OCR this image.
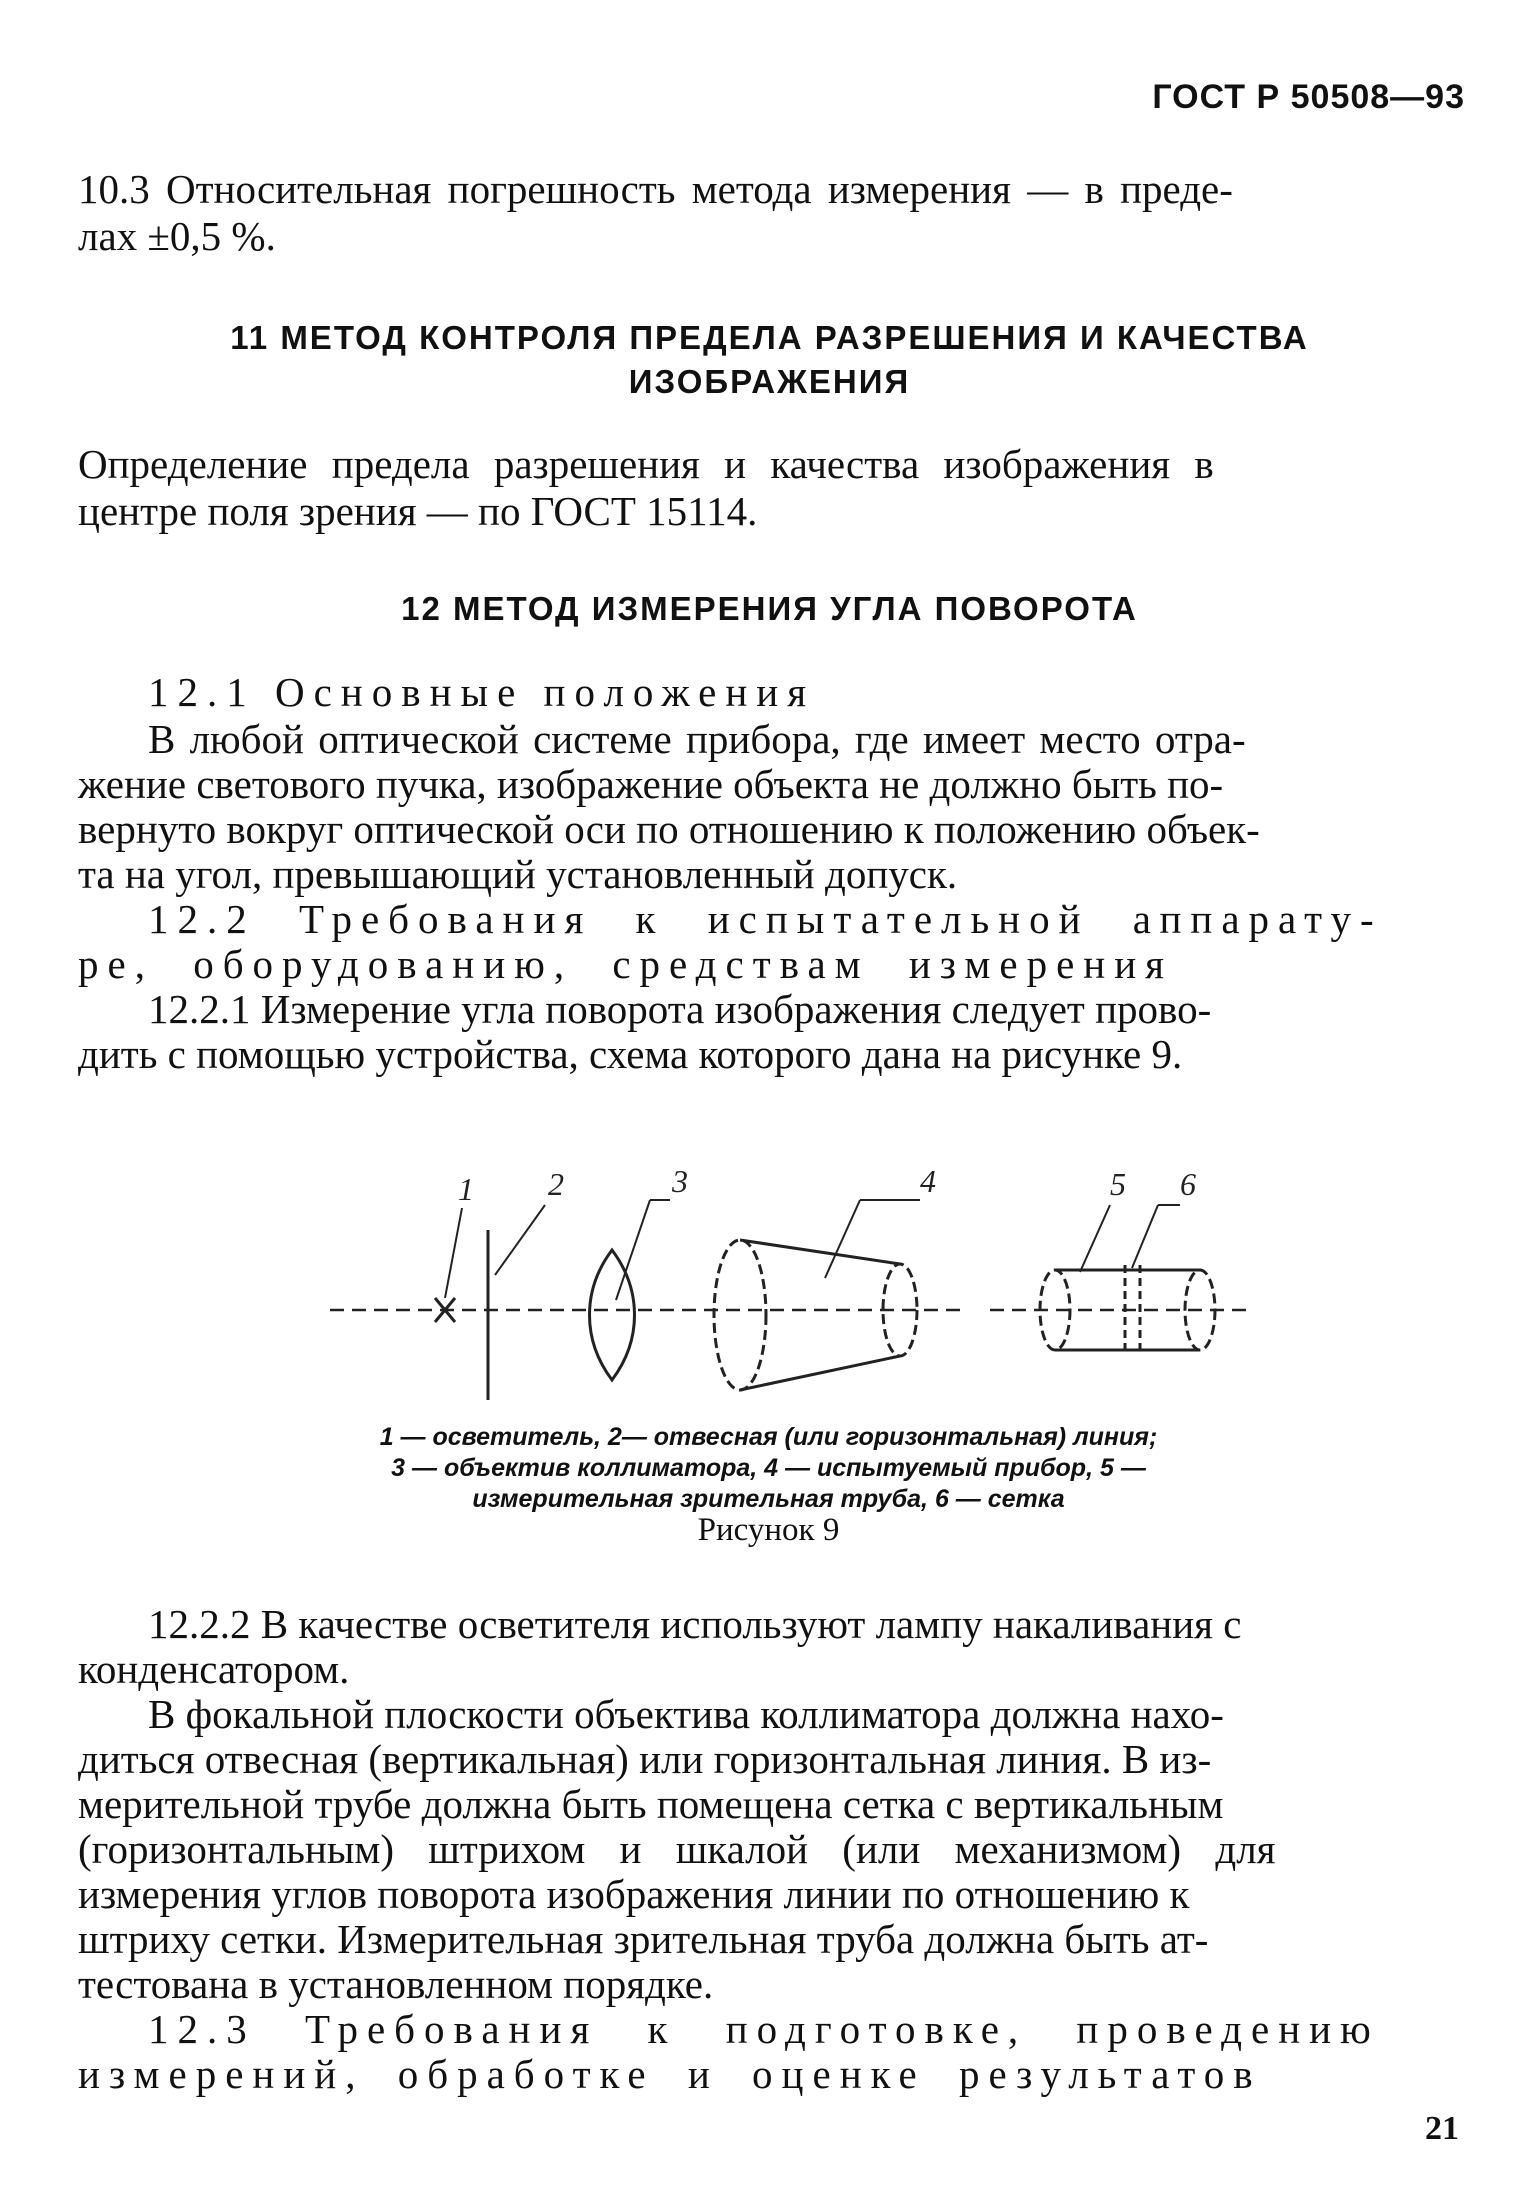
ГОСТ Р 50508—93
10.3 Относительная погрешность метода измерения — в преде-
лах ±0,5 %.
11 МЕТОД КОНТРОЛЯ ПРЕДЕЛА РАЗРЕШЕНИЯ И КАЧЕСТВА
ИЗОБРАЖЕНИЯ
Определение предела разрешения и качества изображения в
центре поля зрения — по ГОСТ 15114.
12 МЕТОД ИЗМЕРЕНИЯ УГЛА ПОВОРОТА
12.1 Основные положения
В любой оптической системе прибора, где имеет место отра-
жение светового пучка, изображение объекта не должно быть по-
вернуто вокруг оптической оси по отношению к положению объек-
та на угол, превышающий установленный допуск.
12.2 Требования к испытательной аппарату-
ре, оборудованию, средствам измерения
12.2.1 Измерение угла поворота изображения следует прово-
дить с помощью устройства, схема которого дана на рисунке 9.
1 2	3	4	5 6
1 — осветитель, 2— отвесная (или горизонтальная) линия;
3 — объектив коллиматора, 4 — испытуемый прибор, 5 —
измерительная зрительная труба, 6 — сетка
Рисунок 9
12.2.2 В качестве осветителя используют лампу накаливания с
конденсатором.
В фокальной плоскости объектива коллиматора должна нахо-
диться отвесная (вертикальная) или горизонтальная линия. В из-
мерительной трубе должна быть помещена сетка с вертикальным
(горизонтальным) штрихом и шкалой (или механизмом) для
измерения углов поворота изображения линии по отношению к
штриху сетки. Измерительная зрительная труба должна быть ат-
тестована в установленном порядке.
12.3 Требования к подготовке, проведению
измерений, обработке и оценке результатов
21
